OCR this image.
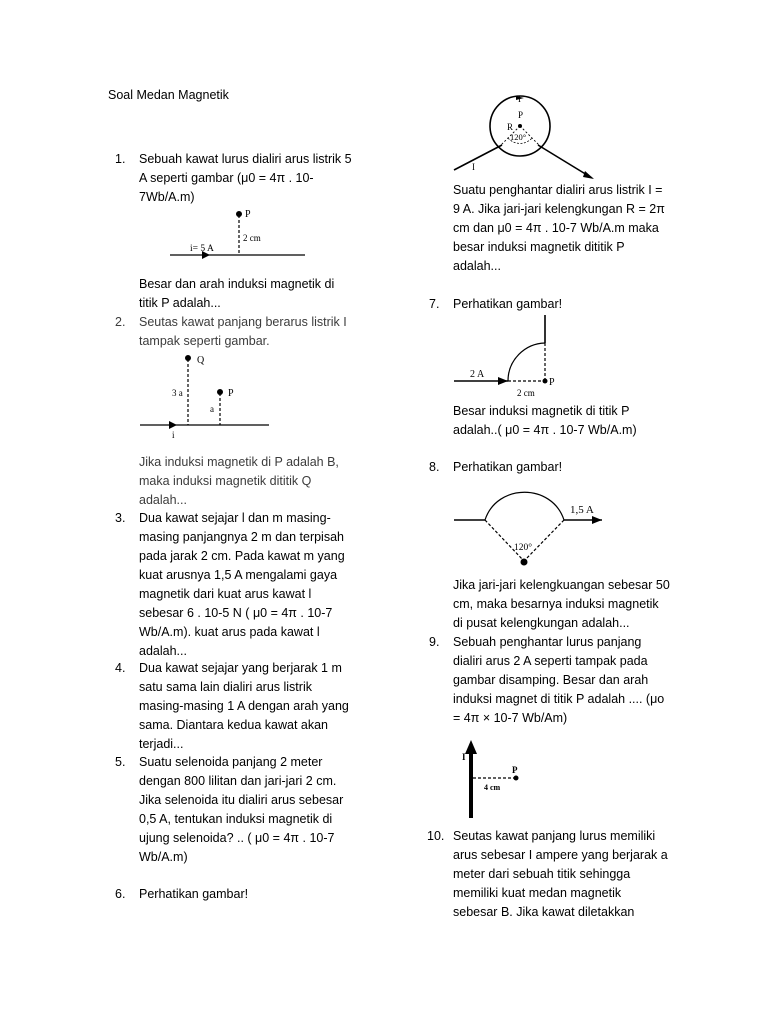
Soal Medan Magnetik
1. Sebuah kawat lurus dialiri arus listrik 5
A seperti gambar (μ0 = 4π . 10-
7Wb/A.m)
P
2 cm
i= 5 A
Besar dan arah induksi magnetik di
titik P adalah...
2. Seutas kawat panjang berarus listrik I
tampak seperti gambar.
Q
P
3 a
a
i
Jika induksi magnetik di P adalah B,
maka induksi magnetik dititik Q
adalah...
3. Dua kawat sejajar l dan m masing-
masing panjangnya 2 m dan terpisah
pada jarak 2 cm. Pada kawat m yang
kuat arusnya 1,5 A mengalami gaya
magnetik dari kuat arus kawat l
sebesar 6 . 10-5 N ( μ0 = 4π . 10-7
Wb/A.m). kuat arus pada kawat l
adalah...
4. Dua kawat sejajar yang berjarak 1 m
satu sama lain dialiri arus listrik
masing-masing 1 A dengan arah yang
sama. Diantara kedua kawat akan
terjadi...
5. Suatu selenoida panjang 2 meter
dengan 800 lilitan dan jari-jari 2 cm.
Jika selenoida itu dialiri arus sebesar
0,5 A, tentukan induksi magnetik di
ujung selenoida? .. ( μ0 = 4π . 10-7
Wb/A.m)
6. Perhatikan gambar!
I
P
R
120°
I
Suatu penghantar dialiri arus listrik I =
9 A. Jika jari-jari kelengkungan R = 2π
cm dan μ0 = 4π . 10-7 Wb/A.m maka
besar induksi magnetik dititik P
adalah...
7. Perhatikan gambar!
2 A
P
2 cm
Besar induksi magnetik di titik P
adalah..( μ0 = 4π . 10-7 Wb/A.m)
8. Perhatikan gambar!
1,5 A
120°
Jika jari-jari kelengkuangan sebesar 50
cm, maka besarnya induksi magnetik
di pusat kelengkungan adalah...
9. Sebuah penghantar lurus panjang
dialiri arus 2 A seperti tampak pada
gambar disamping. Besar dan arah
induksi magnet di titik P adalah .... (μo
= 4π × 10-7 Wb/Am)
I
P
4 cm
10. Seutas kawat panjang lurus memiliki
arus sebesar I ampere yang berjarak a
meter dari sebuah titik sehingga
memiliki kuat medan magnetik
sebesar B. Jika kawat diletakkan
